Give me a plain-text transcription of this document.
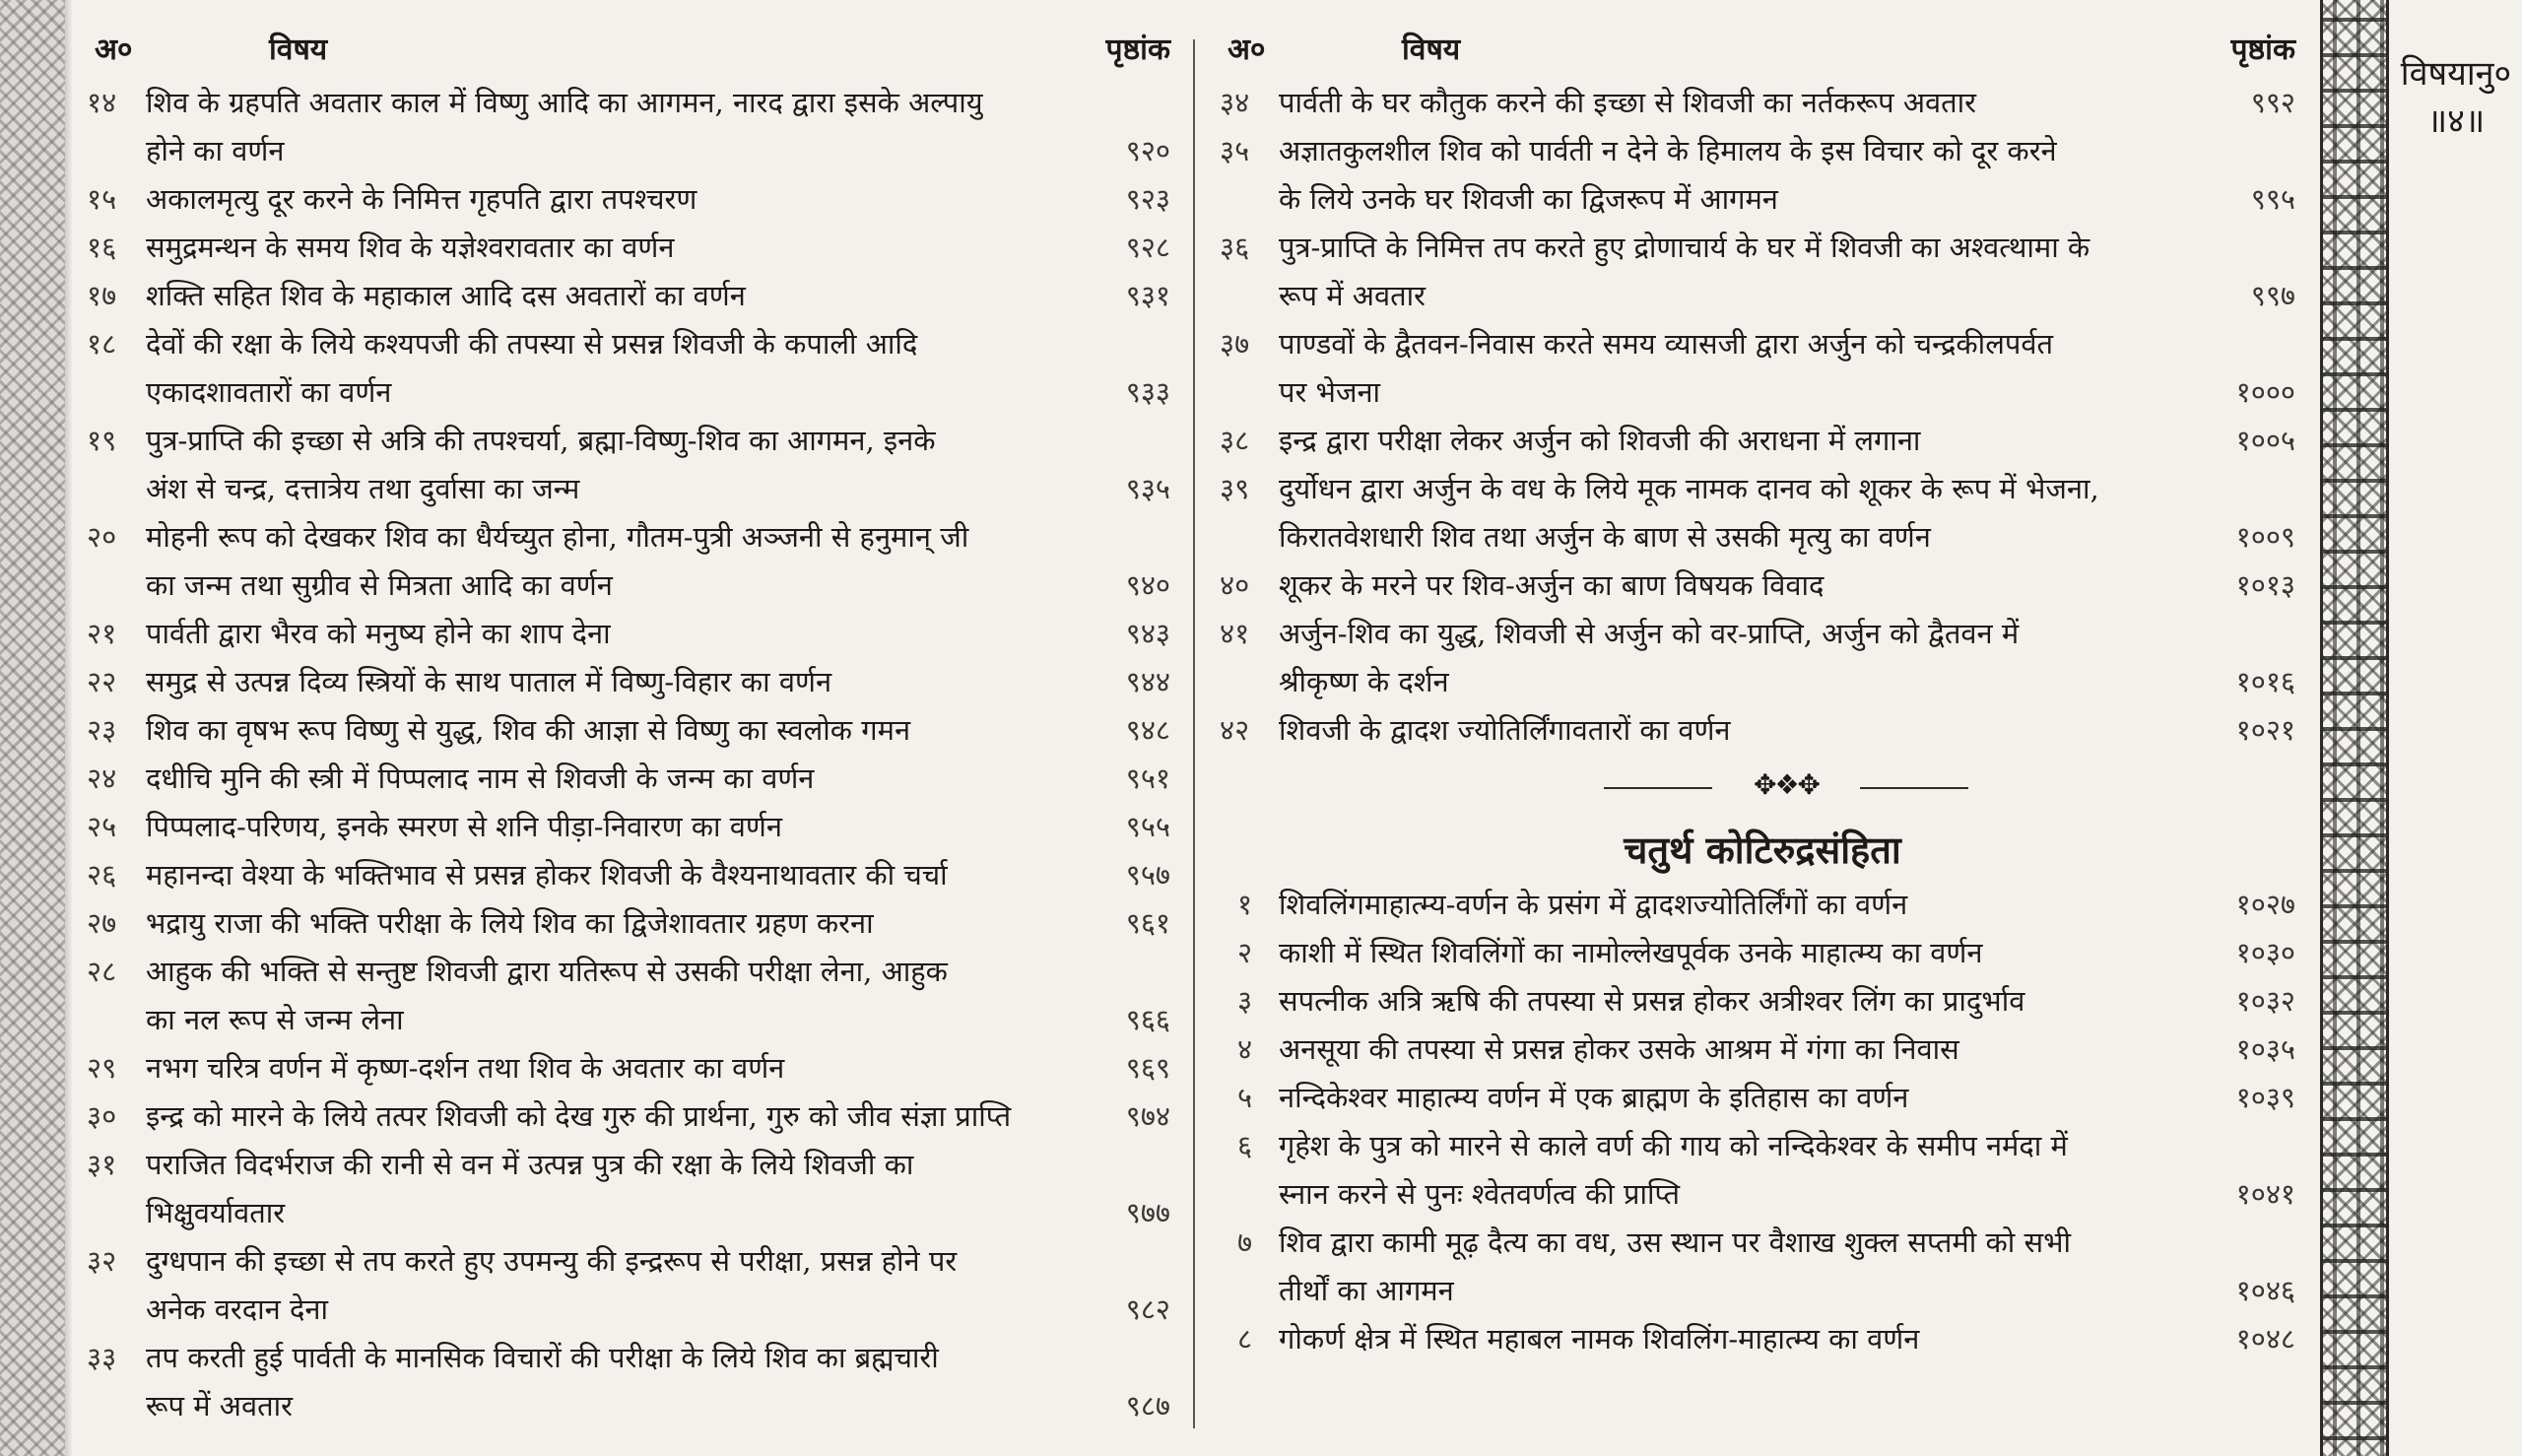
अ०	विषय	पृष्ठांक
१४	शिव के ग्रहपति अवतार काल में विष्णु आदि का आगमन, नारद द्वारा इसके अल्पायु
होने का वर्णन	९२०
१५	अकालमृत्यु दूर करने के निमित्त गृहपति द्वारा तपश्चरण	९२३
१६	समुद्रमन्थन के समय शिव के यज्ञेश्वरावतार का वर्णन	९२८
१७	शक्ति सहित शिव के महाकाल आदि दस अवतारों का वर्णन	९३१
१८	देवों की रक्षा के लिये कश्यपजी की तपस्या से प्रसन्न शिवजी के कपाली आदि
एकादशावतारों का वर्णन	९३३
१९	पुत्र-प्राप्ति की इच्छा से अत्रि की तपश्चर्या, ब्रह्मा-विष्णु-शिव का आगमन, इनके
अंश से चन्द्र, दत्तात्रेय तथा दुर्वासा का जन्म	९३५
२०	मोहनी रूप को देखकर शिव का धैर्यच्युत होना, गौतम-पुत्री अञ्जनी से हनुमान् जी
का जन्म तथा सुग्रीव से मित्रता आदि का वर्णन	९४०
२१	पार्वती द्वारा भैरव को मनुष्य होने का शाप देना	९४३
२२	समुद्र से उत्पन्न दिव्य स्त्रियों के साथ पाताल में विष्णु-विहार का वर्णन	९४४
२३	शिव का वृषभ रूप विष्णु से युद्ध, शिव की आज्ञा से विष्णु का स्वलोक गमन	९४८
२४	दधीचि मुनि की स्त्री में पिप्पलाद नाम से शिवजी के जन्म का वर्णन	९५१
२५	पिप्पलाद-परिणय, इनके स्मरण से शनि पीड़ा-निवारण का वर्णन	९५५
२६	महानन्दा वेश्या के भक्तिभाव से प्रसन्न होकर शिवजी के वैश्यनाथावतार की चर्चा	९५७
२७	भद्रायु राजा की भक्ति परीक्षा के लिये शिव का द्विजेशावतार ग्रहण करना	९६१
२८	आहुक की भक्ति से सन्तुष्ट शिवजी द्वारा यतिरूप से उसकी परीक्षा लेना, आहुक
का नल रूप से जन्म लेना	९६६
२९	नभग चरित्र वर्णन में कृष्ण-दर्शन तथा शिव के अवतार का वर्णन	९६९
३०	इन्द्र को मारने के लिये तत्पर शिवजी को देख गुरु की प्रार्थना, गुरु को जीव संज्ञा प्राप्ति	९७४
३१	पराजित विदर्भराज की रानी से वन में उत्पन्न पुत्र की रक्षा के लिये शिवजी का
भिक्षुवर्यावतार	९७७
३२	दुग्धपान की इच्छा से तप करते हुए उपमन्यु की इन्द्ररूप से परीक्षा, प्रसन्न होने पर
अनेक वरदान देना	९८२
३३	तप करती हुई पार्वती के मानसिक विचारों की परीक्षा के लिये शिव का ब्रह्मचारी
रूप में अवतार	९८७
अ०	विषय	पृष्ठांक
३४	पार्वती के घर कौतुक करने की इच्छा से शिवजी का नर्तकरूप अवतार	९९२
३५	अज्ञातकुलशील शिव को पार्वती न देने के हिमालय के इस विचार को दूर करने
के लिये उनके घर शिवजी का द्विजरूप में आगमन	९९५
३६	पुत्र-प्राप्ति के निमित्त तप करते हुए द्रोणाचार्य के घर में शिवजी का अश्वत्थामा के
रूप में अवतार	९९७
३७	पाण्डवों के द्वैतवन-निवास करते समय व्यासजी द्वारा अर्जुन को चन्द्रकीलपर्वत
पर भेजना	१०००
३८	इन्द्र द्वारा परीक्षा लेकर अर्जुन को शिवजी की अराधना में लगाना	१००५
३९	दुर्योधन द्वारा अर्जुन के वध के लिये मूक नामक दानव को शूकर के रूप में भेजना,
किरातवेशधारी शिव तथा अर्जुन के बाण से उसकी मृत्यु का वर्णन	१००९
४०	शूकर के मरने पर शिव-अर्जुन का बाण विषयक विवाद	१०१३
४१	अर्जुन-शिव का युद्ध, शिवजी से अर्जुन को वर-प्राप्ति, अर्जुन को द्वैतवन में
श्रीकृष्ण के दर्शन	१०१६
४२	शिवजी के द्वादश ज्योतिर्लिंगावतारों का वर्णन	१०२१
✥❖✥
चतुर्थ कोटिरुद्रसंहिता
१ शिवलिंगमाहात्म्य-वर्णन के प्रसंग में द्वादशज्योतिर्लिंगों का वर्णन	१०२७
२ काशी में स्थित शिवलिंगों का नामोल्लेखपूर्वक उनके माहात्म्य का वर्णन	१०३०
३ सपत्नीक अत्रि ऋषि की तपस्या से प्रसन्न होकर अत्रीश्वर लिंग का प्रादुर्भाव	१०३२
४ अनसूया की तपस्या से प्रसन्न होकर उसके आश्रम में गंगा का निवास	१०३५
५ नन्दिकेश्वर माहात्म्य वर्णन में एक ब्राह्मण के इतिहास का वर्णन	१०३९
६ गृहेश के पुत्र को मारने से काले वर्ण की गाय को नन्दिकेश्वर के समीप नर्मदा में
स्नान करने से पुनः श्वेतवर्णत्व की प्राप्ति	१०४१
७ शिव द्वारा कामी मूढ़ दैत्य का वध, उस स्थान पर वैशाख शुक्ल सप्तमी को सभी
तीर्थों का आगमन	१०४६
८ गोकर्ण क्षेत्र में स्थित महाबल नामक शिवलिंग-माहात्म्य का वर्णन	१०४८
विषयानु०
॥४॥
